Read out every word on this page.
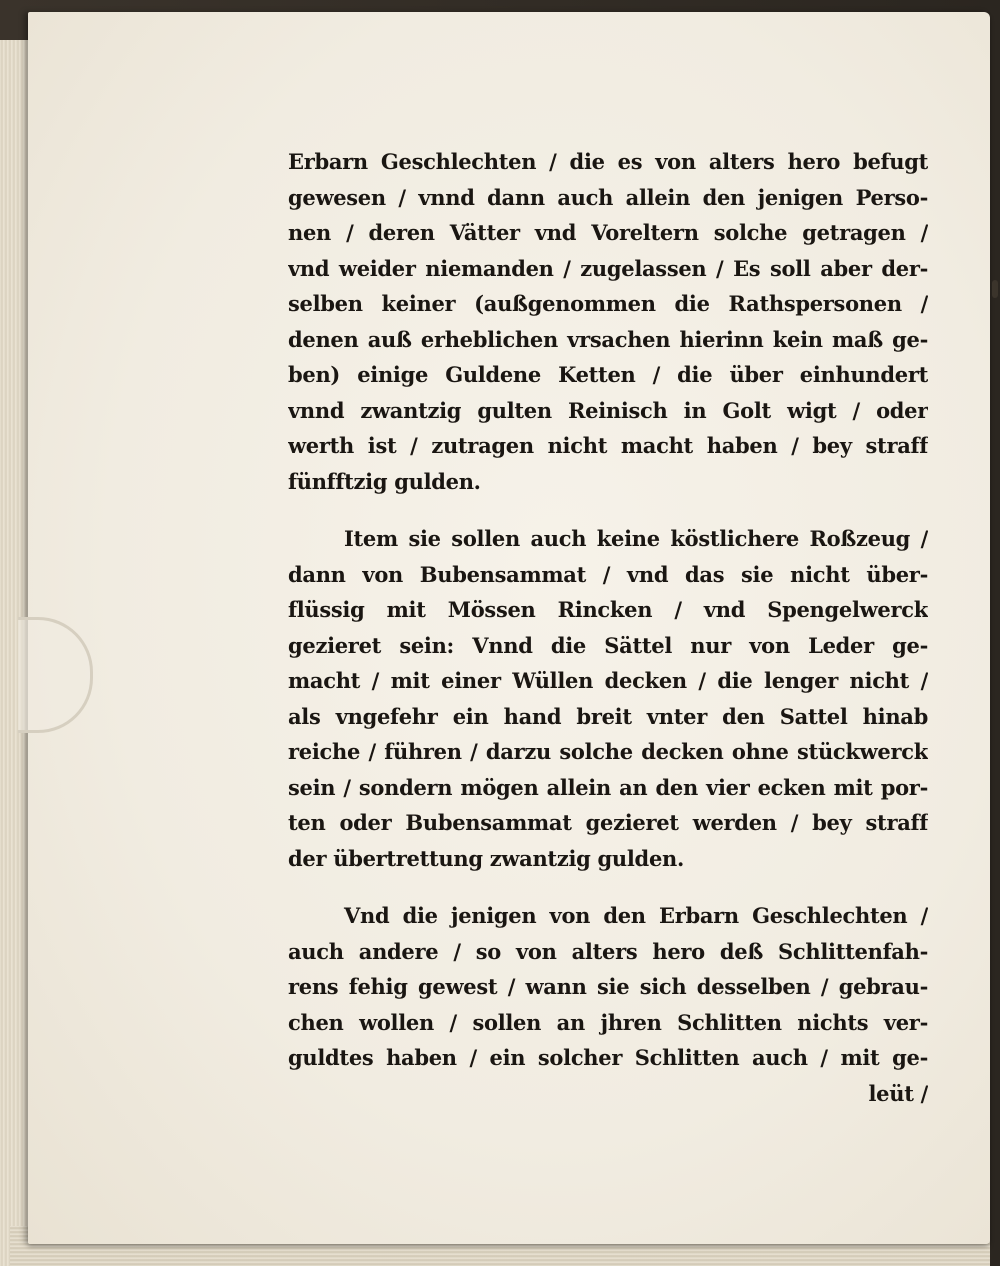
Erbarn Geschlechten / die es von alters hero befugt
gewesen / vnnd dann auch allein den jenigen Perso-
nen / deren Vätter vnd Voreltern solche getragen /
vnd weider niemanden / zugelassen / Es soll aber der-
selben keiner (außgenommen die Rathspersonen /
denen auß erheblichen vrsachen hierinn kein maß ge-
ben) einige Guldene Ketten / die über einhundert
vnnd zwantzig gulten Reinisch in Golt wigt / oder
werth ist / zutragen nicht macht haben / bey straff
fünfftzig gulden.
Item sie sollen auch keine köstlichere Roßzeug /
dann von Bubensammat / vnd das sie nicht über-
flüssig mit Mössen Rincken / vnd Spengelwerck
gezieret sein: Vnnd die Sättel nur von Leder ge-
macht / mit einer Wüllen decken / die lenger nicht /
als vngefehr ein hand breit vnter den Sattel hinab
reiche / führen / darzu solche decken ohne stückwerck
sein / sondern mögen allein an den vier ecken mit por-
ten oder Bubensammat gezieret werden / bey straff
der übertrettung zwantzig gulden.
Vnd die jenigen von den Erbarn Geschlechten /
auch andere / so von alters hero deß Schlittenfah-
rens fehig gewest / wann sie sich desselben / gebrau-
chen wollen / sollen an jhren Schlitten nichts ver-
guldtes haben / ein solcher Schlitten auch / mit ge-
leüt /
